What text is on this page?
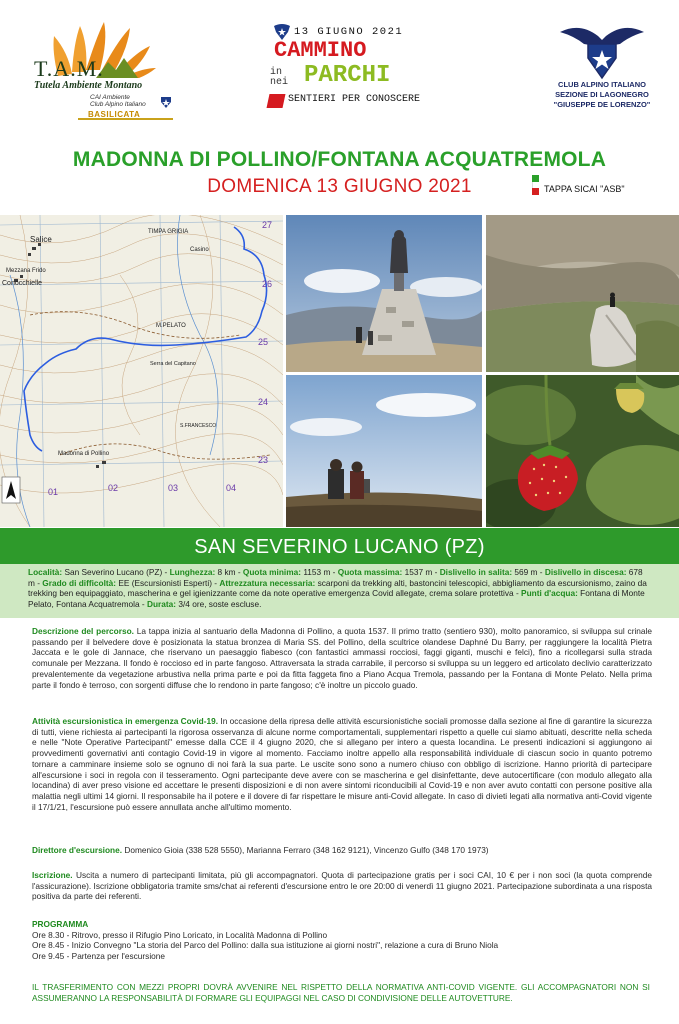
T.A.M.
Tutela Ambiente Montano
CAI Ambiente
Club Alpino Italiano
BASILICATA
13 GIUGNO 2021
CAMMINO
in
nei PARCHI
SENTIERI PER CONOSCERE
CLUB ALPINO ITALIANO
SEZIONE DI LAGONEGRO
"GIUSEPPE DE LORENZO"
MADONNA DI POLLINO/FONTANA ACQUATREMOLA
DOMENICA 13 GIUGNO 2021	TAPPA SICAI "ASB"
Salice
Mezzana Frido
Conocchielle
M.PELATO
Madonna di Pollino
Casino
TIMPA GRIGIA
Serra del Capitano
S.FRANCESCO
27
26
25
24
23
01	02	03	04
SAN SEVERINO LUCANO (PZ)
Località: San Severino Lucano (PZ) - Lunghezza: 8 km - Quota minima: 1153 m - Quota massima: 1537 m - Dislivello in salita: 569 m - Dislivello in discesa: 678 m - Grado di difficoltà: EE (Escursionisti Esperti) - Attrezzatura necessaria: scarponi da trekking alti, bastoncini telescopici, abbigliamento da escursionismo, zaino da trekking ben equipaggiato, mascherina e gel igienizzante come da note operative emergenza Covid allegate, crema solare protettiva - Punti d'acqua: Fontana di Monte Pelato, Fontana Acquatremola - Durata: 3/4 ore, soste escluse.
Descrizione del percorso. La tappa inizia al santuario della Madonna di Pollino, a quota 1537. Il primo tratto (sentiero 930), molto panoramico, si sviluppa sul crinale passando per il belvedere dove è posizionata la statua bronzea di Maria SS. del Pollino, della scultrice olandese Daphné Du Barry, per raggiungere la località Pietra Jaccata e le gole di Jannace, che riservano un paesaggio fiabesco (con fantastici ammassi rocciosi, faggi giganti, muschi e felci), fino a ricollegarsi sulla strada comunale per Mezzana. Il fondo è roccioso ed in parte fangoso. Attraversata la strada carrabile, il percorso si sviluppa su un leggero ed articolato declivio caratterizzato prevalentemente da vegetazione arbustiva nella prima parte e poi da fitta faggeta fino a Piano Acqua Tremola, passando per la Fontana di Monte Pelato. Nella prima parte il fondo è terroso, con sorgenti diffuse che lo rendono in parte fangoso; c'è inoltre un piccolo guado.
Attività escursionistica in emergenza Covid-19. In occasione della ripresa delle attività escursionistiche sociali promosse dalla sezione al fine di garantire la sicurezza di tutti, viene richiesta ai partecipanti la rigorosa osservanza di alcune norme comportamentali, supplementari rispetto a quelle cui siamo abituati, descritte nella scheda e nelle "Note Operative Partecipanti" emesse dalla CCE il 4 giugno 2020, che si allegano per intero a questa locandina. Le presenti indicazioni si aggiungono ai provvedimenti governativi anti contagio Covid-19 in vigore al momento. Facciamo inoltre appello alla responsabilità individuale di ciascun socio in quanto potremo tornare a camminare insieme solo se ognuno di noi farà la sua parte. Le uscite sono sono a numero chiuso con obbligo di iscrizione. Hanno priorità di partecipare all'escursione i soci in regola con il tesseramento. Ogni partecipante deve avere con se mascherina e gel disinfettante, deve autocertificare (con modulo allegato alla locandina) di aver preso visione ed accettare le presenti disposizioni e di non avere sintomi riconducibili al Covid-19 e non aver avuto contatti con persone positive alla malattia negli ultimi 14 giorni. Il responsabile ha il potere e il dovere di far rispettare le misure anti-Covid allegate. In caso di divieti legati alla normativa anti-Covid vigente il 17/1/21, l'escursione può essere annullata anche all'ultimo momento.
Direttore d'escursione. Domenico Gioia (338 528 5550), Marianna Ferraro (348 162 9121), Vincenzo Gulfo (348 170 1973)
Iscrizione. Uscita a numero di partecipanti limitata, più gli accompagnatori. Quota di partecipazione gratis per i soci CAI, 10 € per i non soci (la quota comprende l'assicurazione). Iscrizione obbligatoria tramite sms/chat ai referenti d'escursione entro le ore 20:00 di venerdì 11 giugno 2021. Partecipazione subordinata a una risposta positiva da parte dei referenti.
PROGRAMMA
Ore 8.30 - Ritrovo, presso il Rifugio Pino Loricato, in Località Madonna di Pollino
Ore 8.45 - Inizio Convegno "La storia del Parco del Pollino: dalla sua istituzione ai giorni nostri", relazione a cura di Bruno Niola
Ore 9.45 - Partenza per l'escursione
IL TRASFERIMENTO CON MEZZI PROPRI DOVRÀ AVVENIRE NEL RISPETTO DELLA NORMATIVA ANTI-COVID VIGENTE. GLI ACCOMPAGNATORI NON SI ASSUMERANNO LA RESPONSABILITÀ DI FORMARE GLI EQUIPAGGI NEL CASO DI CONDIVISIONE DELLE AUTOVETTURE.
